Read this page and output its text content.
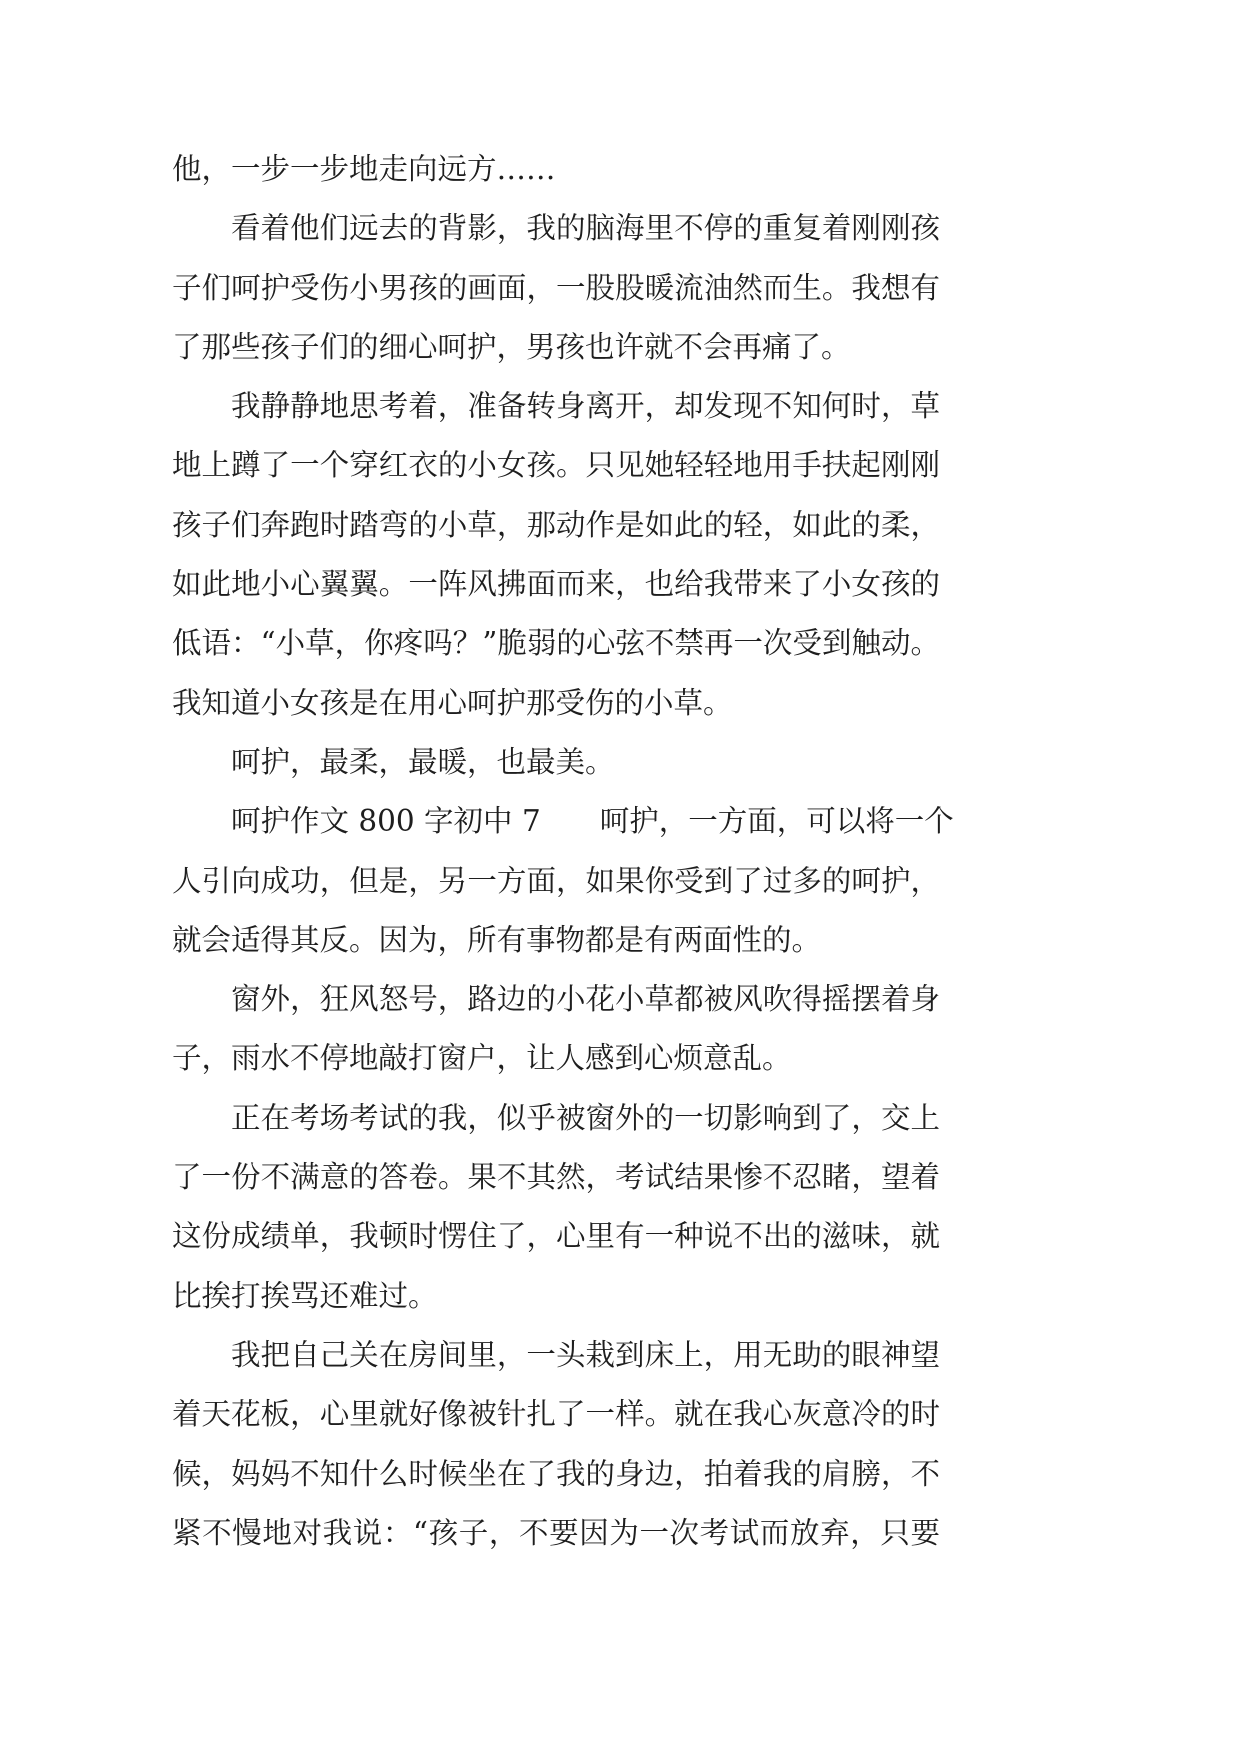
他，一步一步地走向远方……
看着他们远去的背影，我的脑海里不停的重复着刚刚孩
子们呵护受伤小男孩的画面，一股股暖流油然而生。我想有
了那些孩子们的细心呵护，男孩也许就不会再痛了。
我静静地思考着，准备转身离开，却发现不知何时，草
地上蹲了一个穿红衣的小女孩。只见她轻轻地用手扶起刚刚
孩子们奔跑时踏弯的小草，那动作是如此的轻，如此的柔，
如此地小心翼翼。一阵风拂面而来，也给我带来了小女孩的
低语：“小草，你疼吗？”脆弱的心弦不禁再一次受到触动。
我知道小女孩是在用心呵护那受伤的小草。
呵护，最柔，最暖，也最美。
呵护作文 800 字初中 7　　呵护，一方面，可以将一个
人引向成功，但是，另一方面，如果你受到了过多的呵护，
就会适得其反。因为，所有事物都是有两面性的。
窗外，狂风怒号，路边的小花小草都被风吹得摇摆着身
子，雨水不停地敲打窗户，让人感到心烦意乱。
正在考场考试的我，似乎被窗外的一切影响到了，交上
了一份不满意的答卷。果不其然，考试结果惨不忍睹，望着
这份成绩单，我顿时愣住了，心里有一种说不出的滋味，就
比挨打挨骂还难过。
我把自己关在房间里，一头栽到床上，用无助的眼神望
着天花板，心里就好像被针扎了一样。就在我心灰意冷的时
候，妈妈不知什么时候坐在了我的身边，拍着我的肩膀，不
紧不慢地对我说：“孩子，不要因为一次考试而放弃，只要
